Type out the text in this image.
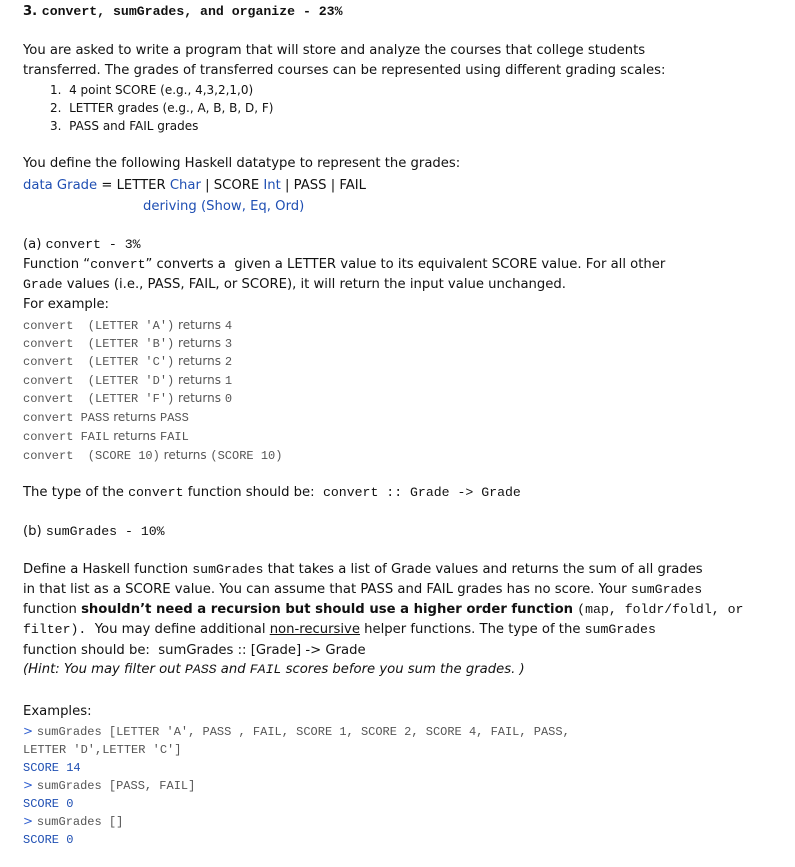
3. convert, sumGrades, and organize - 23%
You are asked to write a program that will store and analyze the courses that college students
transferred. The grades of transferred courses can be represented using different grading scales:
1. 4 point SCORE (e.g., 4,3,2,1,0)
2. LETTER grades (e.g., A, B, B, D, F)
3. PASS and FAIL grades
You define the following Haskell datatype to represent the grades:
data Grade = LETTER Char | SCORE Int | PASS | FAIL
deriving (Show, Eq, Ord)
(a) convert - 3%
Function “convert” converts a  given a LETTER value to its equivalent SCORE value. For all other
Grade values (i.e., PASS, FAIL, or SCORE), it will return the input value unchanged.
For example:
convert  (LETTER 'A') returns 4
convert  (LETTER 'B') returns 3
convert  (LETTER 'C') returns 2
convert  (LETTER 'D') returns 1
convert  (LETTER 'F') returns 0
convert PASS returns PASS
convert FAIL returns FAIL
convert  (SCORE 10) returns (SCORE 10)
The type of the convert function should be:  convert :: Grade -> Grade
(b) sumGrades - 10%
Define a Haskell function sumGrades that takes a list of Grade values and returns the sum of all grades
in that list as a SCORE value. You can assume that PASS and FAIL grades has no score. Your sumGrades
function shouldn’t need a recursion but should use a higher order function (map, foldr/foldl, or
filter).  You may define additional non-recursive helper functions. The type of the sumGrades
function should be:  sumGrades :: [Grade] -> Grade
(Hint: You may filter out PASS and FAIL scores before you sum the grades. )
Examples:
> sumGrades [LETTER 'A', PASS , FAIL, SCORE 1, SCORE 2, SCORE 4, FAIL, PASS,
LETTER 'D',LETTER 'C']
SCORE 14
> sumGrades [PASS, FAIL]
SCORE 0
> sumGrades []
SCORE 0
